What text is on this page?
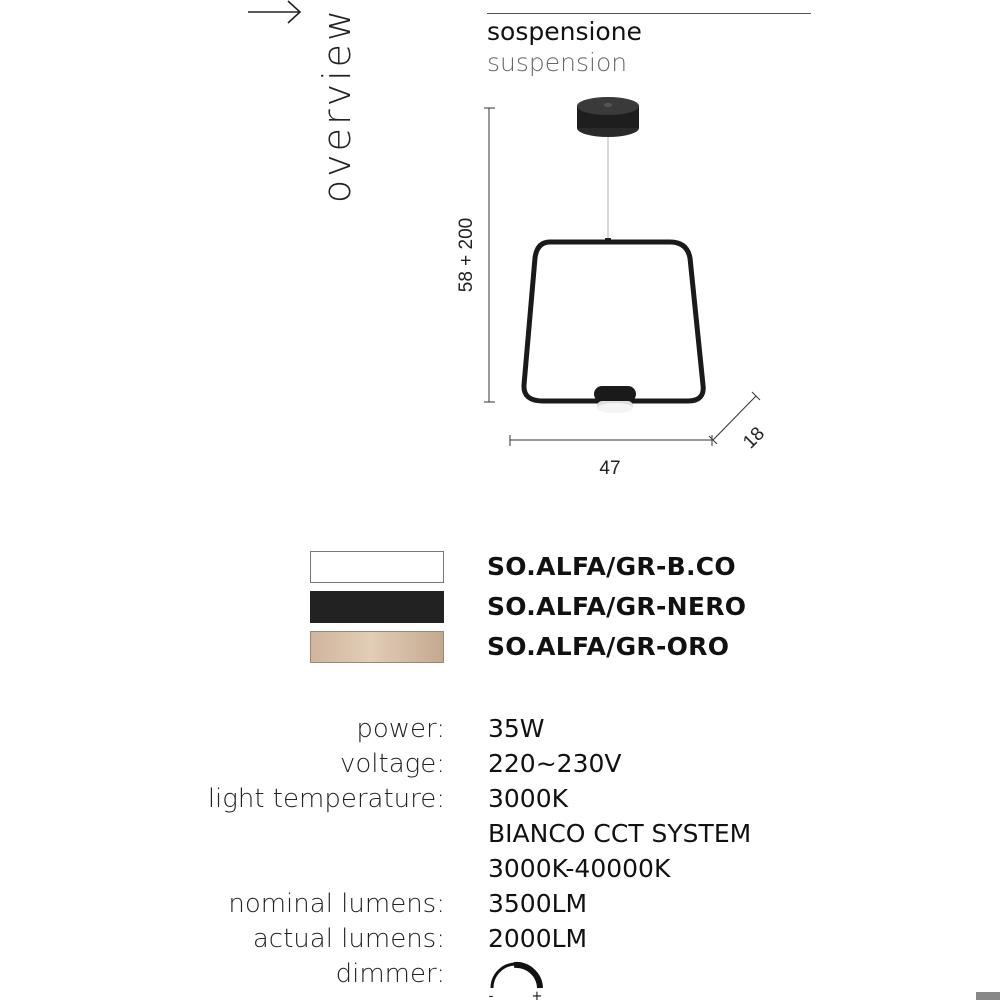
overview	sospensione
suspension
58 + 200
47
18
SO.ALFA/GR-B.CO
SO.ALFA/GR-NERO
SO.ALFA/GR-ORO
power: 35W
voltage: 220~230V
light temperature: 3000K
BIANCO CCT SYSTEM
3000K-40000K
nominal lumens: 3500LM
actual lumens: 2000LM
dimmer:
-	+
